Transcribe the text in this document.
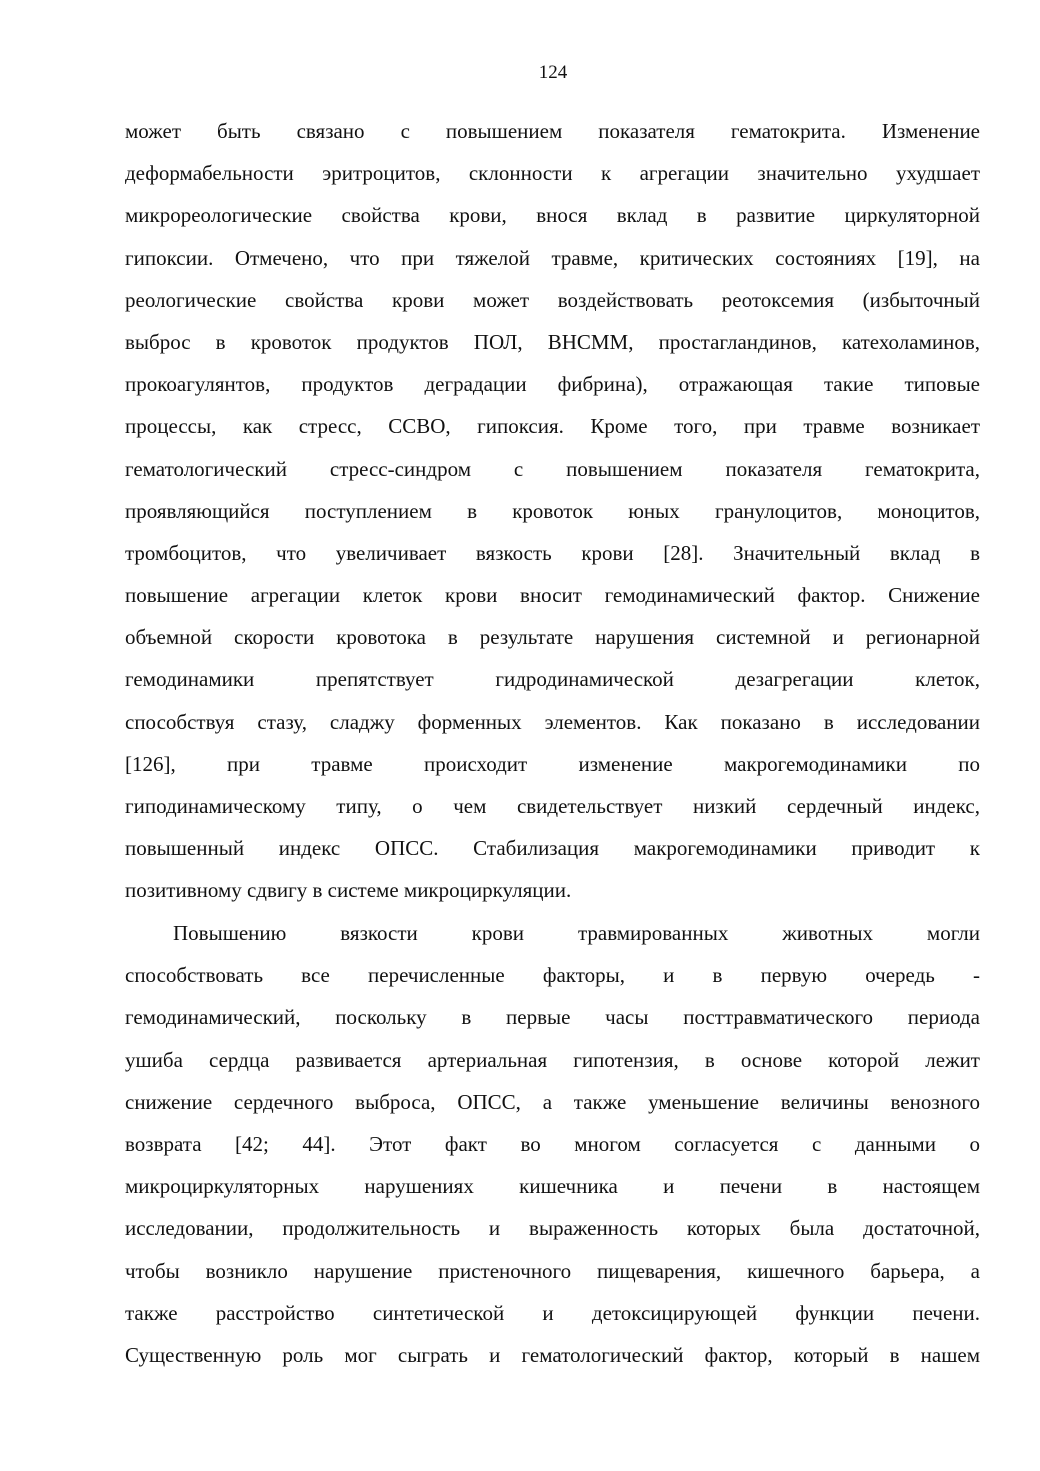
124
может быть связано с повышением показателя гематокрита. Изменение
деформабельности эритроцитов, склонности к агрегации значительно ухудшает
микрореологические свойства крови, внося вклад в развитие циркуляторной
гипоксии. Отмечено, что при тяжелой травме, критических состояниях [19], на
реологические свойства крови может воздействовать реотоксемия (избыточный
выброс в кровоток продуктов ПОЛ, ВНСММ, простагландинов, катехоламинов,
прокоагулянтов, продуктов деградации фибрина), отражающая такие типовые
процессы, как стресс, ССВО, гипоксия. Кроме того, при травме возникает
гематологический стресс-синдром с повышением показателя гематокрита,
проявляющийся поступлением в кровоток юных гранулоцитов, моноцитов,
тромбоцитов, что увеличивает вязкость крови [28]. Значительный вклад в
повышение агрегации клеток крови вносит гемодинамический фактор. Снижение
объемной скорости кровотока в результате нарушения системной и регионарной
гемодинамики препятствует гидродинамической дезагрегации клеток,
способствуя стазу, сладжу форменных элементов. Как показано в исследовании
[126], при травме происходит изменение макрогемодинамики по
гиподинамическому типу, о чем свидетельствует низкий сердечный индекс,
повышенный индекс ОПСС. Стабилизация макрогемодинамики приводит к
позитивному сдвигу в системе микроциркуляции.
Повышению вязкости крови травмированных животных могли
способствовать все перечисленные факторы, и в первую очередь -
гемодинамический, поскольку в первые часы посттравматического периода
ушиба сердца развивается артериальная гипотензия, в основе которой лежит
снижение сердечного выброса, ОПСС, а также уменьшение величины венозного
возврата [42; 44]. Этот факт во многом согласуется с данными о
микроциркуляторных нарушениях кишечника и печени в настоящем
исследовании, продолжительность и выраженность которых была достаточной,
чтобы возникло нарушение пристеночного пищеварения, кишечного барьера, а
также расстройство синтетической и детоксицирующей функции печени.
Существенную роль мог сыграть и гематологический фактор, который в нашем
